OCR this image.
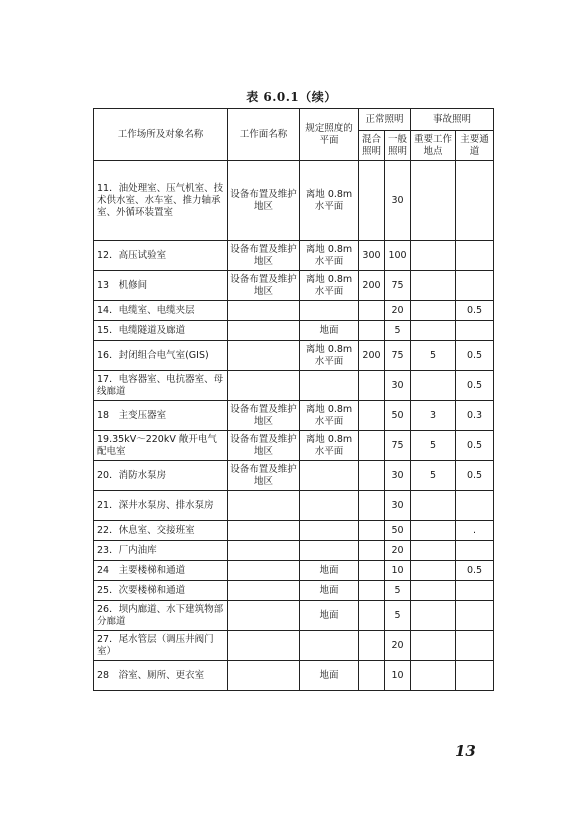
表 6.0.1（续）
工作场所及对象名称	工作面名称	规定照度的平面	正常照明		事故照明	
			混合照明	一般照明	重要工作地点	主要通道
11．油处理室、压气机室、技术供水室、水车室、推力轴承室、外循环装置室	设备布置及维护地区	离地 0.8m水平面		30		
12．高压试验室	设备布置及维护地区	离地 0.8m水平面	300	100		
13　机修间	设备布置及维护地区	离地 0.8m水平面	200	75		
14．电缆室、电缆夹层				20		0.5
15．电缆隧道及廊道		地面		5		
16．封闭组合电气室(GIS)		离地 0.8m水平面	200	75	5	0.5
17．电容器室、电抗器室、母线廊道				30		0.5
18　主变压器室	设备布置及维护地区	离地 0.8m水平面		50	3	0.3
19.35kV～220kV 敞开电气配电室	设备布置及维护地区	离地 0.8m水平面		75	5	0.5
20．消防水泵房	设备布置及维护地区			30	5	0.5
21．深井水泵房、排水泵房				30		
22．休息室、交接班室				50		.
23．厂内油库				20		
24　主要楼梯和通道		地面		10		0.5
25．次要楼梯和通道		地面		5		
26．坝内廊道、水下建筑物部分廊道		地面		5		
27．尾水管层（调压井阀门室）				20		
28　浴室、厕所、更衣室		地面		10		
13
